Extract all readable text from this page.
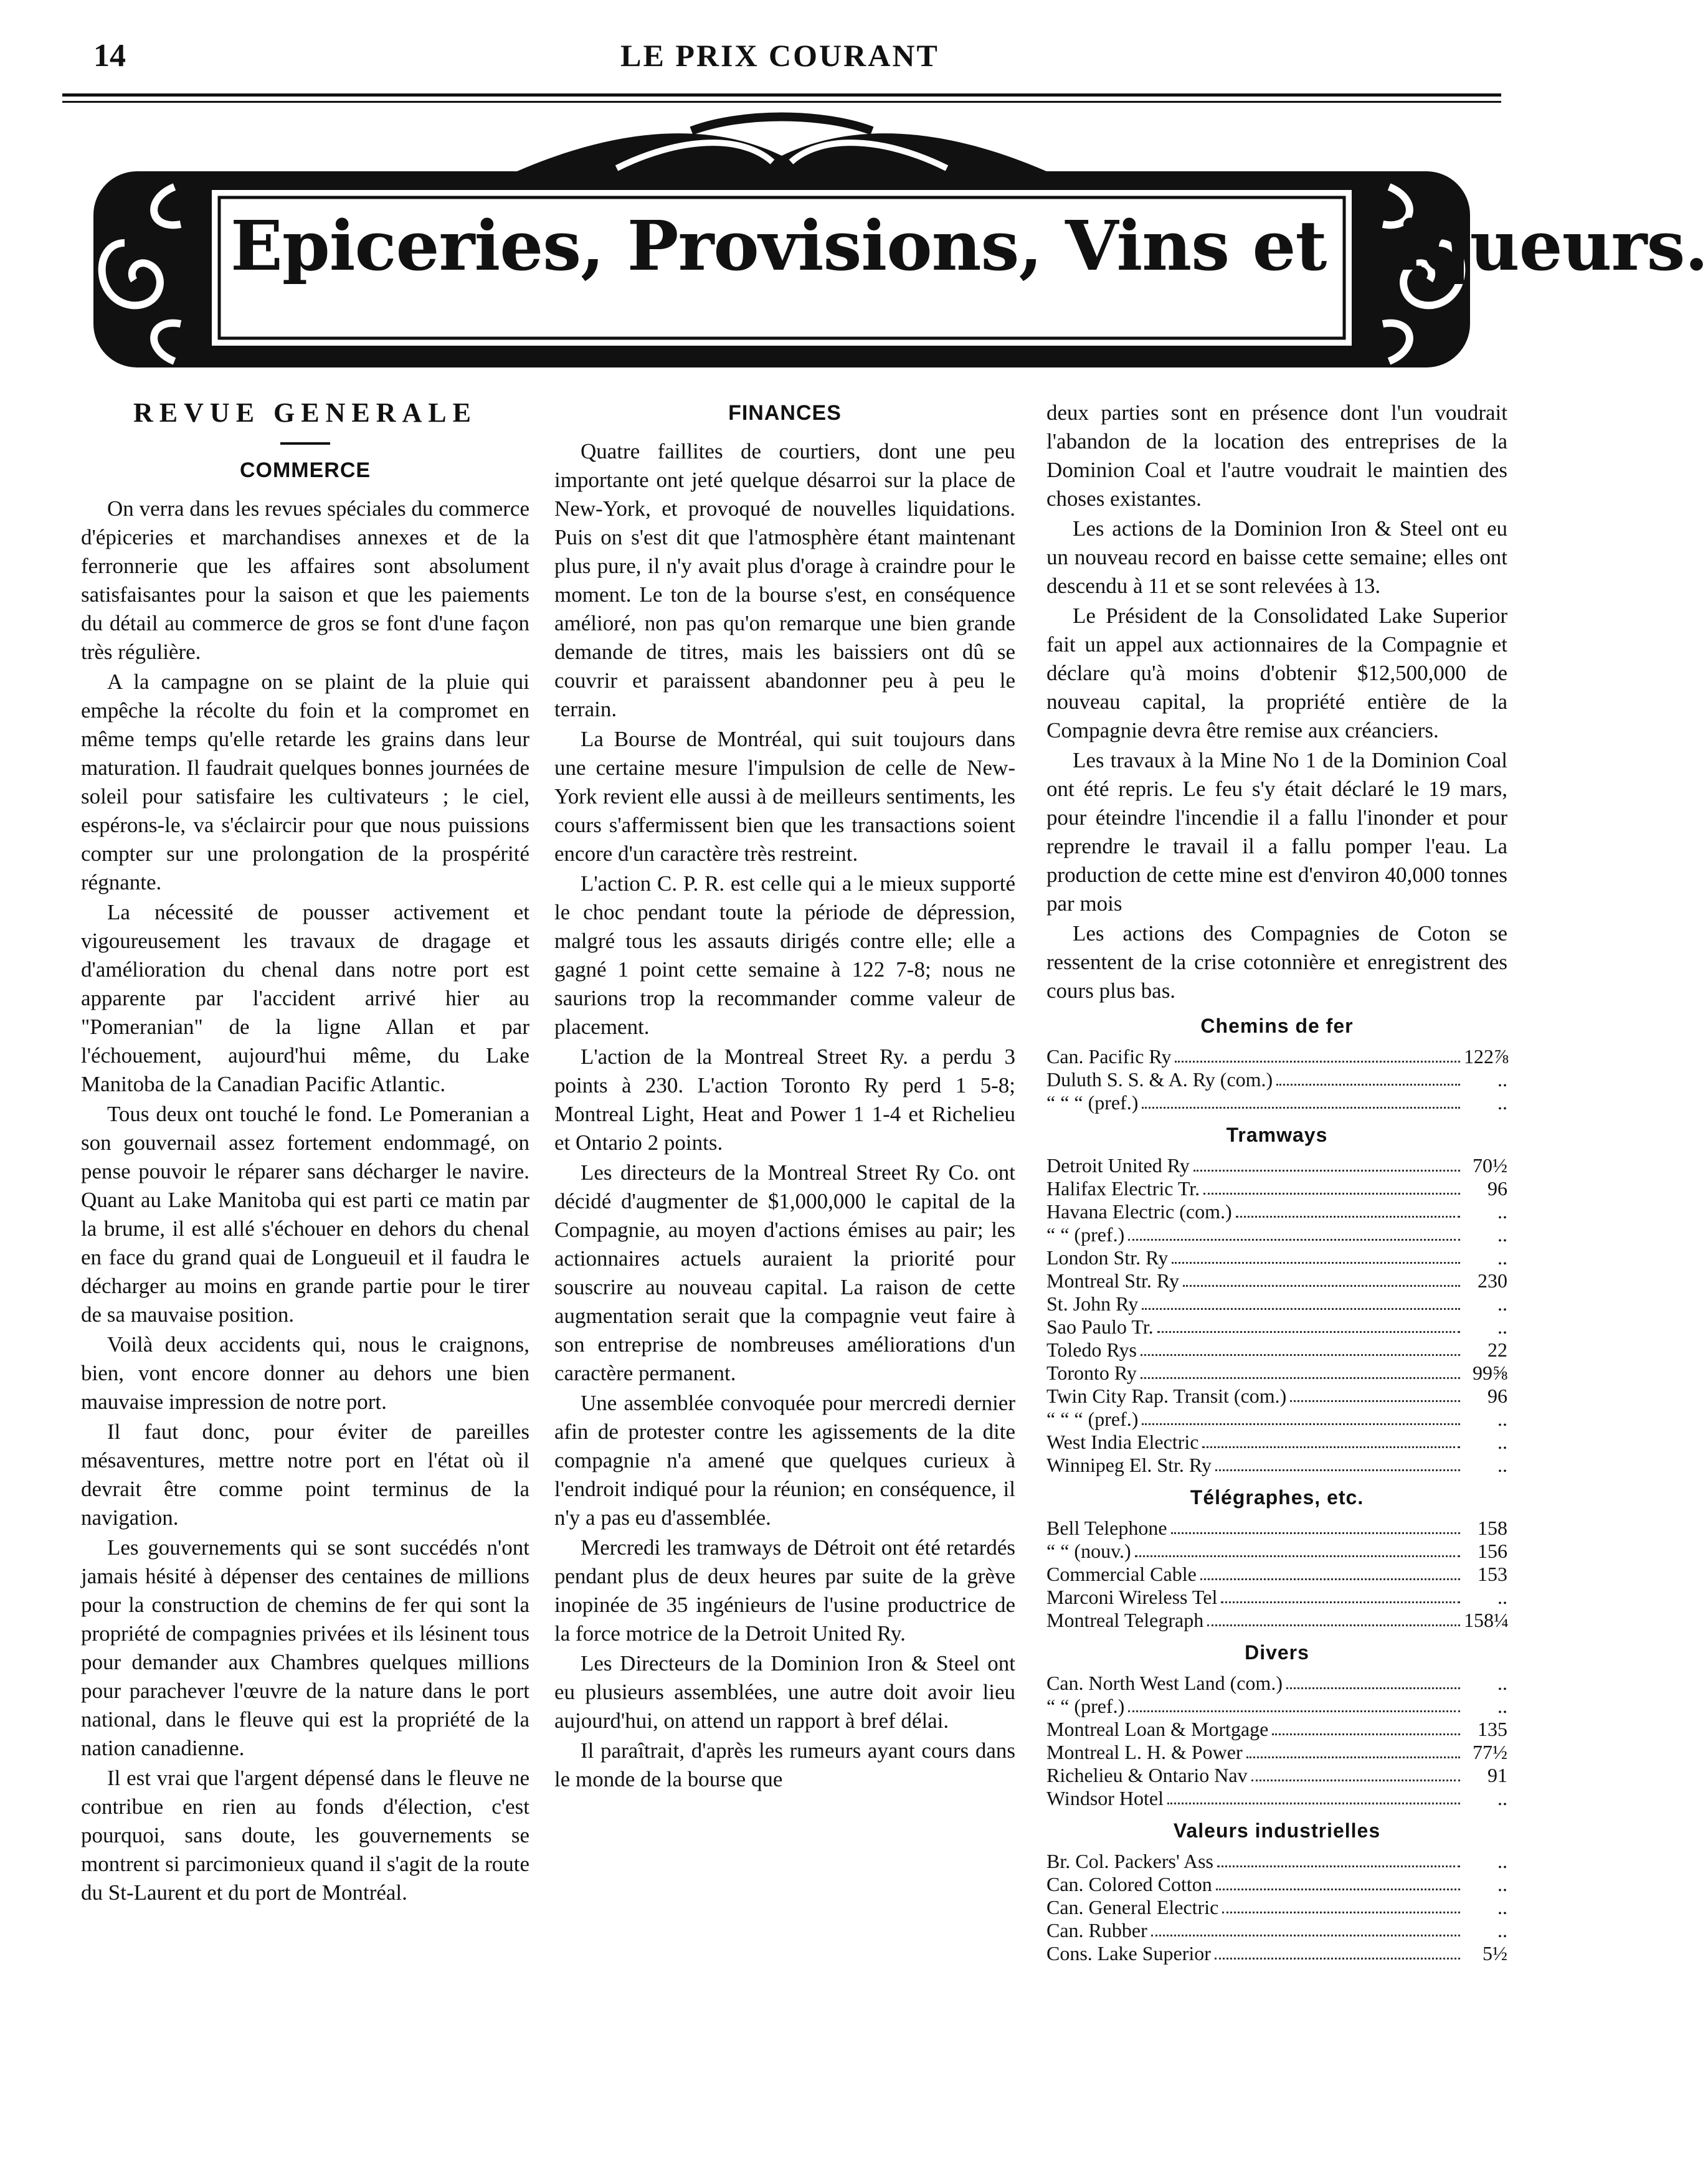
14	LE PRIX COURANT
Epiceries, Provisions, Vins et Liqueurs.
REVUE GENERALE
COMMERCE

On verra dans les revues spéciales du commerce d'épiceries et marchandises annexes et de la ferronnerie que les affaires sont absolument satisfaisantes pour la saison et que les paiements du détail au commerce de gros se font d'une façon très régulière.

A la campagne on se plaint de la pluie qui empêche la récolte du foin et la compromet en même temps qu'elle retarde les grains dans leur maturation. Il faudrait quelques bonnes journées de soleil pour satisfaire les cultivateurs ; le ciel, espérons-le, va s'éclaircir pour que nous puissions compter sur une prolongation de la prospérité régnante.

La nécessité de pousser activement et vigoureusement les travaux de dragage et d'amélioration du chenal dans notre port est apparente par l'accident arrivé hier au "Pomeranian" de la ligne Allan et par l'échouement, aujourd'hui même, du Lake Manitoba de la Canadian Pacific Atlantic.

Tous deux ont touché le fond. Le Pomeranian a son gouvernail assez fortement endommagé, on pense pouvoir le réparer sans décharger le navire. Quant au Lake Manitoba qui est parti ce matin par la brume, il est allé s'échouer en dehors du chenal en face du grand quai de Longueuil et il faudra le décharger au moins en grande partie pour le tirer de sa mauvaise position.

Voilà deux accidents qui, nous le craignons, bien, vont encore donner au dehors une bien mauvaise impression de notre port.

Il faut donc, pour éviter de pareilles mésaventures, mettre notre port en l'état où il devrait être comme point terminus de la navigation.

Les gouvernements qui se sont succédés n'ont jamais hésité à dépenser des centaines de millions pour la construction de chemins de fer qui sont la propriété de compagnies privées et ils lésinent tous pour demander aux Chambres quelques millions pour parachever l'œuvre de la nature dans le port national, dans le fleuve qui est la propriété de la nation canadienne.

Il est vrai que l'argent dépensé dans le fleuve ne contribue en rien au fonds d'élection, c'est pourquoi, sans doute, les gouvernements se montrent si parcimonieux quand il s'agit de la route du St-Laurent et du port de Montréal.

FINANCES

Quatre faillites de courtiers, dont une peu importante ont jeté quelque désarroi sur la place de New-York, et provoqué de nouvelles liquidations. Puis on s'est dit que l'atmosphère étant maintenant plus pure, il n'y avait plus d'orage à craindre pour le moment. Le ton de la bourse s'est, en conséquence amélioré, non pas qu'on remarque une bien grande demande de titres, mais les baissiers ont dû se couvrir et paraissent abandonner peu à peu le terrain.

La Bourse de Montréal, qui suit toujours dans une certaine mesure l'impulsion de celle de New-York revient elle aussi à de meilleurs sentiments, les cours s'affermissent bien que les transactions soient encore d'un caractère très restreint.

L'action C. P. R. est celle qui a le mieux supporté le choc pendant toute la période de dépression, malgré tous les assauts dirigés contre elle; elle a gagné 1 point cette semaine à 122 7-8; nous ne saurions trop la recommander comme valeur de placement.

L'action de la Montreal Street Ry. a perdu 3 points à 230. L'action Toronto Ry perd 1 5-8; Montreal Light, Heat and Power 1 1-4 et Richelieu et Ontario 2 points.

Les directeurs de la Montreal Street Ry Co. ont décidé d'augmenter de $1,000,000 le capital de la Compagnie, au moyen d'actions émises au pair; les actionnaires actuels auraient la priorité pour souscrire au nouveau capital. La raison de cette augmentation serait que la compagnie veut faire à son entreprise de nombreuses améliorations d'un caractère permanent.

Une assemblée convoquée pour mercredi dernier afin de protester contre les agissements de la dite compagnie n'a amené que quelques curieux à l'endroit indiqué pour la réunion; en conséquence, il n'y a pas eu d'assemblée.

Mercredi les tramways de Détroit ont été retardés pendant plus de deux heures par suite de la grève inopinée de 35 ingénieurs de l'usine productrice de la force motrice de la Detroit United Ry.

Les Directeurs de la Dominion Iron & Steel ont eu plusieurs assemblées, une autre doit avoir lieu aujourd'hui, on attend un rapport à bref délai.

Il paraîtrait, d'après les rumeurs ayant cours dans le monde de la bourse que

deux parties sont en présence dont l'un voudrait l'abandon de la location des entreprises de la Dominion Coal et l'autre voudrait le maintien des choses existantes.

Les actions de la Dominion Iron & Steel ont eu un nouveau record en baisse cette semaine; elles ont descendu à 11 et se sont relevées à 13.

Le Président de la Consolidated Lake Superior fait un appel aux actionnaires de la Compagnie et déclare qu'à moins d'obtenir $12,500,000 de nouveau capital, la propriété entière de la Compagnie devra être remise aux créanciers.

Les travaux à la Mine No 1 de la Dominion Coal ont été repris. Le feu s'y était déclaré le 19 mars, pour éteindre l'incendie il a fallu l'inonder et pour reprendre le travail il a fallu pomper l'eau. La production de cette mine est d'environ 40,000 tonnes par mois

Les actions des Compagnies de Coton se ressentent de la crise cotonnière et enregistrent des cours plus bas.

Chemins de fer
Can. Pacific Ry	122⅞
Duluth S. S. & A. Ry (com.)	..
“ “ “ (pref.)	..
Tramways
Detroit United Ry	70½
Halifax Electric Tr.	96
Havana Electric (com.)	..
“ “ (pref.)	..
London Str. Ry	..
Montreal Str. Ry	230
St. John Ry	..
Sao Paulo Tr.	..
Toledo Rys	22
Toronto Ry	99⅝
Twin City Rap. Transit (com.)	96
“ “ “ (pref.)	..
West India Electric	..
Winnipeg El. Str. Ry	..
Télégraphes, etc.
Bell Telephone	158
“ “ (nouv.)	156
Commercial Cable	153
Marconi Wireless Tel	..
Montreal Telegraph	158¼
Divers
Can. North West Land (com.)	..
“ “ (pref.)	..
Montreal Loan & Mortgage	135
Montreal L. H. & Power	77½
Richelieu & Ontario Nav	91
Windsor Hotel	..
Valeurs industrielles
Br. Col. Packers' Ass	..
Can. Colored Cotton	..
Can. General Electric	..
Can. Rubber	..
Cons. Lake Superior	5½
